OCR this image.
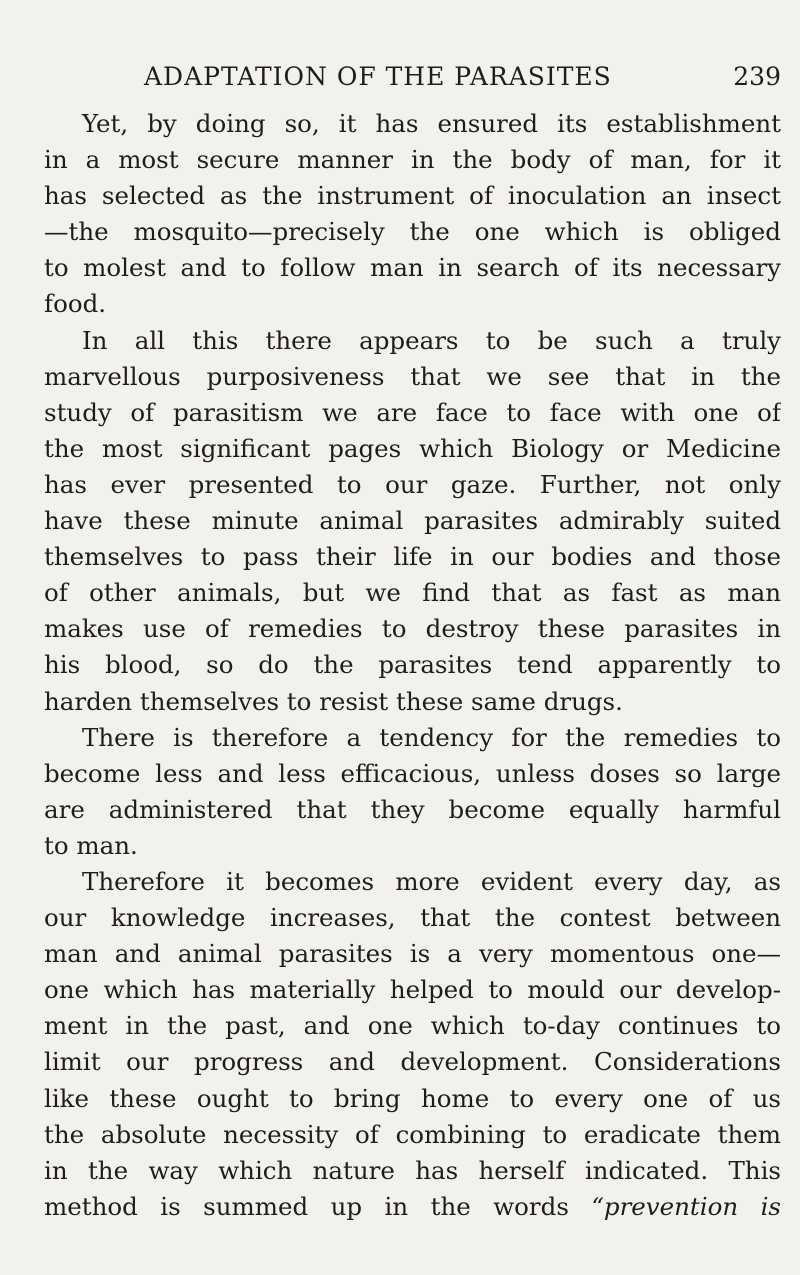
ADAPTATION OF THE PARASITES	239
Yet, by doing so, it has ensured its establishment
in a most secure manner in the body of man, for it
has selected as the instrument of inoculation an insect
—the mosquito—precisely the one which is obliged
to molest and to follow man in search of its necessary
food.
In all this there appears to be such a truly
marvellous purposiveness that we see that in the
study of parasitism we are face to face with one of
the most significant pages which Biology or Medicine
has ever presented to our gaze. Further, not only
have these minute animal parasites admirably suited
themselves to pass their life in our bodies and those
of other animals, but we find that as fast as man
makes use of remedies to destroy these parasites in
his blood, so do the parasites tend apparently to
harden themselves to resist these same drugs.
There is therefore a tendency for the remedies to
become less and less efficacious, unless doses so large
are administered that they become equally harmful
to man.
Therefore it becomes more evident every day, as
our knowledge increases, that the contest between
man and animal parasites is a very momentous one—
one which has materially helped to mould our develop-
ment in the past, and one which to-day continues to
limit our progress and development. Considerations
like these ought to bring home to every one of us
the absolute necessity of combining to eradicate them
in the way which nature has herself indicated. This
method is summed up in the words “prevention is
